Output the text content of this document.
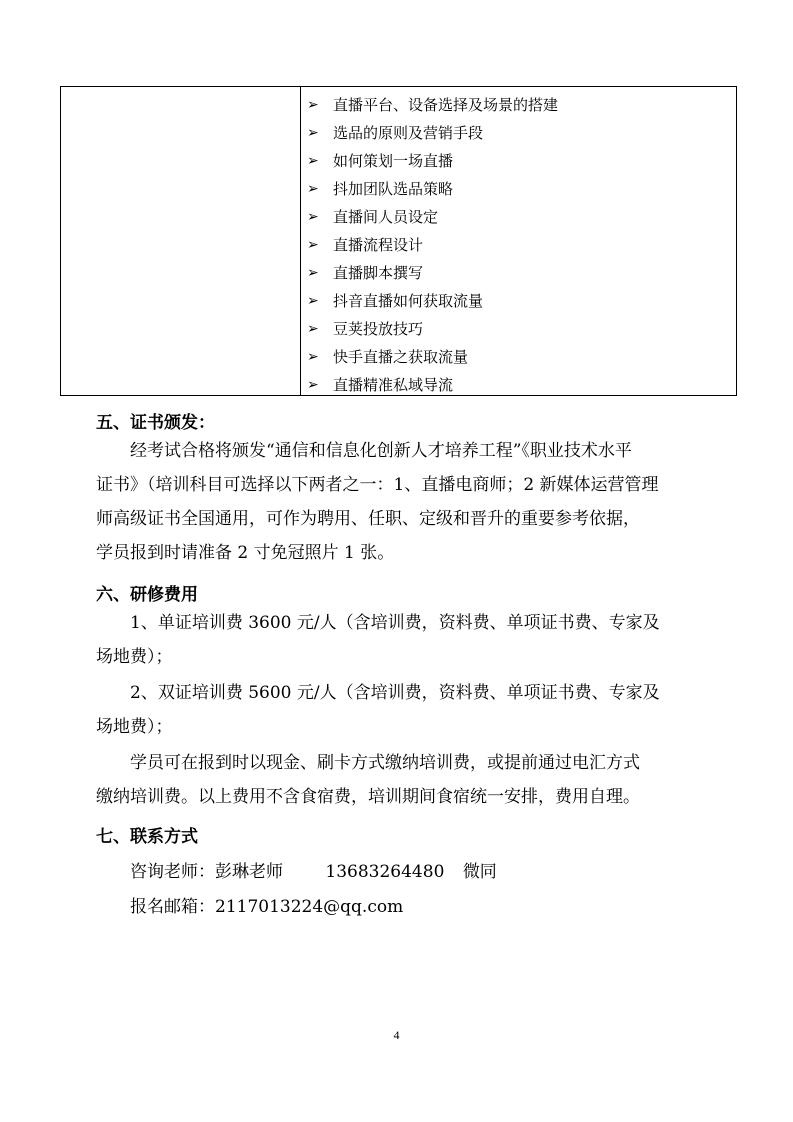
➢ 直播平台、设备选择及场景的搭建
➢ 选品的原则及营销手段
➢ 如何策划一场直播
➢ 抖加团队选品策略
➢ 直播间人员设定
➢ 直播流程设计
➢ 直播脚本撰写
➢ 抖音直播如何获取流量
➢ 豆荚投放技巧
➢ 快手直播之获取流量
➢ 直播精准私域导流
五、证书颁发：
经考试合格将颁发“通信和信息化创新人才培养工程”《职业技术水平
证书》（培训科目可选择以下两者之一：1、直播电商师；2 新媒体运营管理
师高级证书全国通用，可作为聘用、任职、定级和晋升的重要参考依据，
学员报到时请准备 2 寸免冠照片 1 张。
六、研修费用
1、单证培训费 3600 元/人（含培训费，资料费、单项证书费、专家及
场地费）；
2、双证培训费 5600 元/人（含培训费，资料费、单项证书费、专家及
场地费）；
学员可在报到时以现金、刷卡方式缴纳培训费，或提前通过电汇方式
缴纳培训费。以上费用不含食宿费，培训期间食宿统一安排，费用自理。
七、联系方式
咨询老师：彭琳老师 13683264480 微同
报名邮箱：2117013224@qq.com
4
